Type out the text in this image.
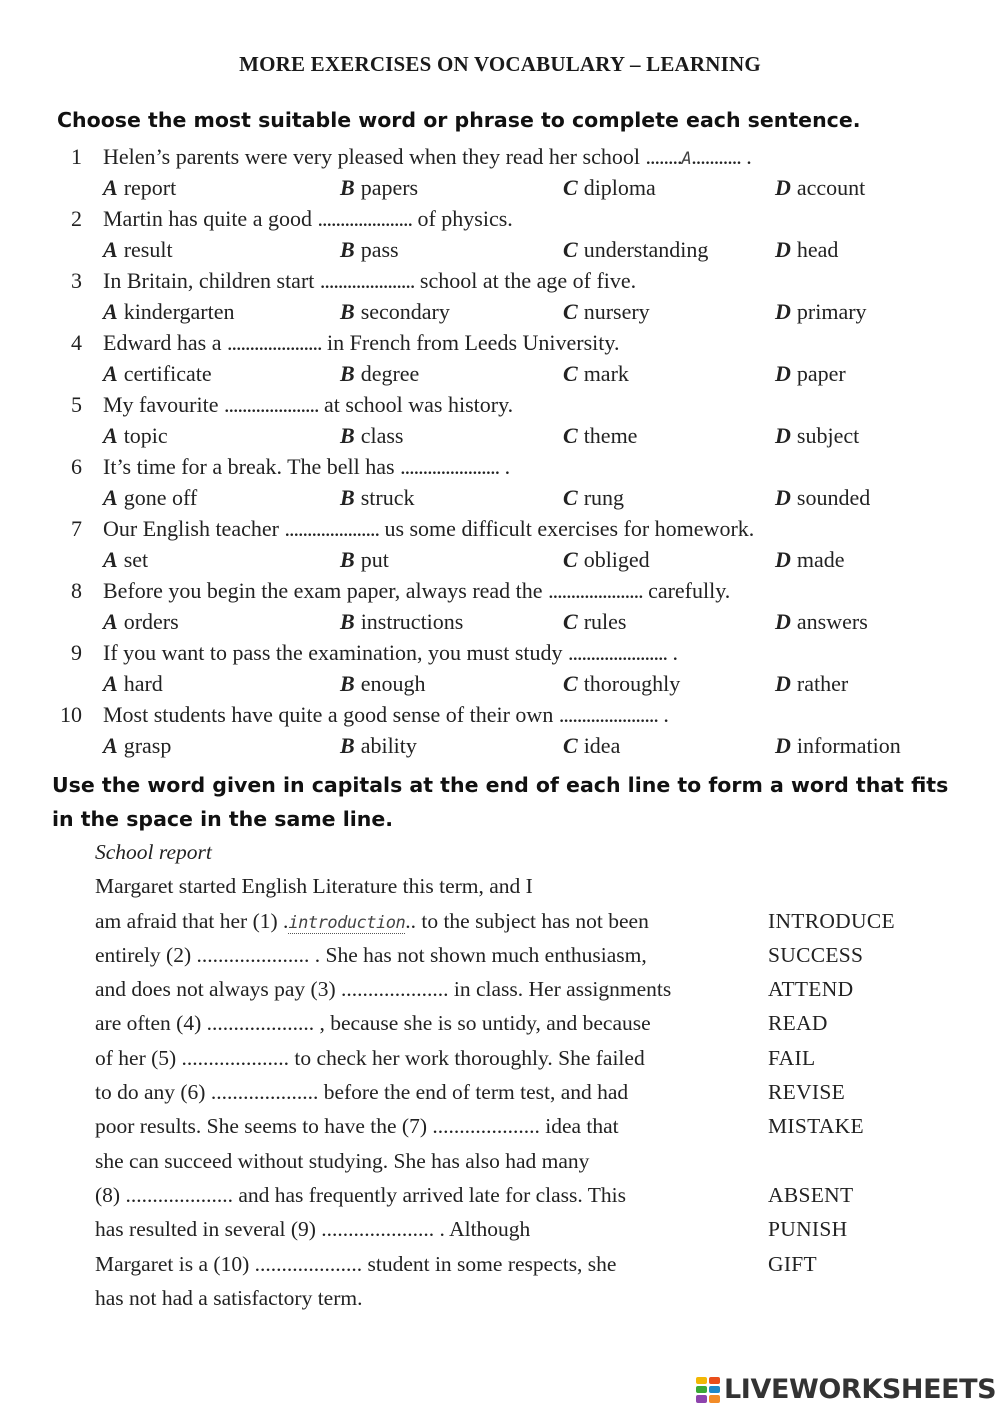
MORE EXERCISES ON VOCABULARY – LEARNING
Choose the most suitable word or phrase to complete each sentence.
1 Helen’s parents were very pleased when they read her school ........A........... .
A report	B papers	C diploma	D account
2 Martin has quite a good ..................... of physics.
A result	B pass	C understanding	D head
3 In Britain, children start ..................... school at the age of five.
A kindergarten	B secondary	C nursery	D primary
4 Edward has a ..................... in French from Leeds University.
A certificate	B degree	C mark	D paper
5 My favourite ..................... at school was history.
A topic	B class	C theme	D subject
6 It’s time for a break. The bell has ...................... .
A gone off	B struck	C rung	D sounded
7 Our English teacher ..................... us some difficult exercises for homework.
A set	B put	C obliged	D made
8 Before you begin the exam paper, always read the ..................... carefully.
A orders	B instructions	C rules	D answers
9 If you want to pass the examination, you must study ...................... .
A hard	B enough	C thoroughly	D rather
10 Most students have quite a good sense of their own ...................... .
A grasp	B ability	C idea	D information
Use the word given in capitals at the end of each line to form a word that fits in the space in the same line.
School report
Margaret started English Literature this term, and I
am afraid that her (1) .introduction.. to the subject has not been	INTRODUCE
entirely (2) ..................... . She has not shown much enthusiasm,	SUCCESS
and does not always pay (3) .................... in class. Her assignments	ATTEND
are often (4) .................... , because she is so untidy, and because	READ
of her (5) .................... to check her work thoroughly. She failed	FAIL
to do any (6) .................... before the end of term test, and had	REVISE
poor results. She seems to have the (7) .................... idea that	MISTAKE
she can succeed without studying. She has also had many
(8) .................... and has frequently arrived late for class. This	ABSENT
has resulted in several (9) ..................... . Although	PUNISH
Margaret is a (10) .................... student in some respects, she	GIFT
has not had a satisfactory term.
LIVEWORKSHEETS
